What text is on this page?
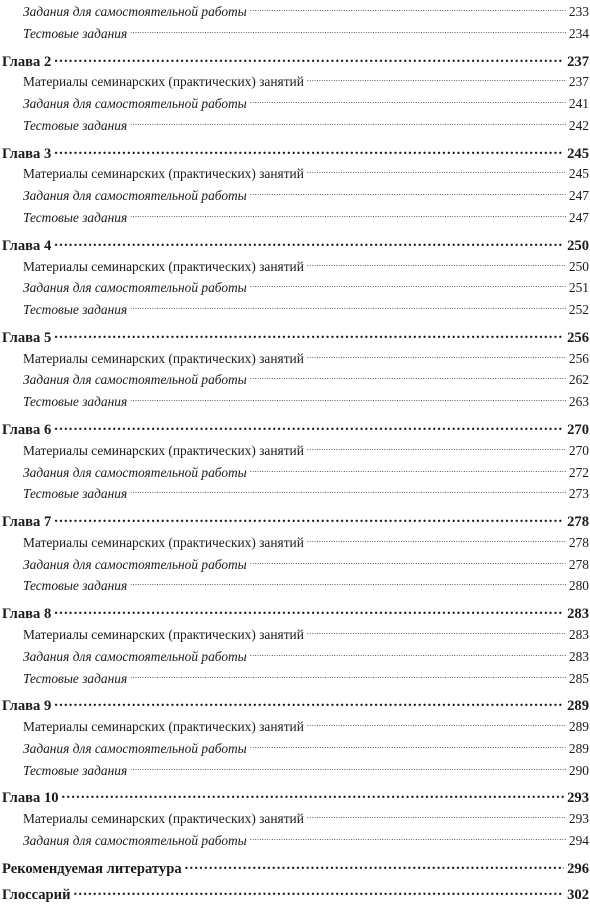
Задания для самостоятельной работы .....	233
Тестовые задания .....	234
Глава 2 .....	237
Материалы семинарских (практических) занятий .....	237
Задания для самостоятельной работы .....	241
Тестовые задания .....	242
Глава 3 .....	245
Материалы семинарских (практических) занятий .....	245
Задания для самостоятельной работы .....	247
Тестовые задания .....	247
Глава 4 .....	250
Материалы семинарских (практических) занятий .....	250
Задания для самостоятельной работы .....	251
Тестовые задания .....	252
Глава 5 .....	256
Материалы семинарских (практических) занятий .....	256
Задания для самостоятельной работы .....	262
Тестовые задания .....	263
Глава 6 .....	270
Материалы семинарских (практических) занятий .....	270
Задания для самостоятельной работы .....	272
Тестовые задания .....	273
Глава 7 .....	278
Материалы семинарских (практических) занятий .....	278
Задания для самостоятельной работы .....	278
Тестовые задания .....	280
Глава 8 .....	283
Материалы семинарских (практических) занятий .....	283
Задания для самостоятельной работы .....	283
Тестовые задания .....	285
Глава 9 .....	289
Материалы семинарских (практических) занятий .....	289
Задания для самостоятельной работы .....	289
Тестовые задания .....	290
Глава 10 .....	293
Материалы семинарских (практических) занятий .....	293
Задания для самостоятельной работы .....	294
Рекомендуемая литература .....	296
Глоссарий .....	302
